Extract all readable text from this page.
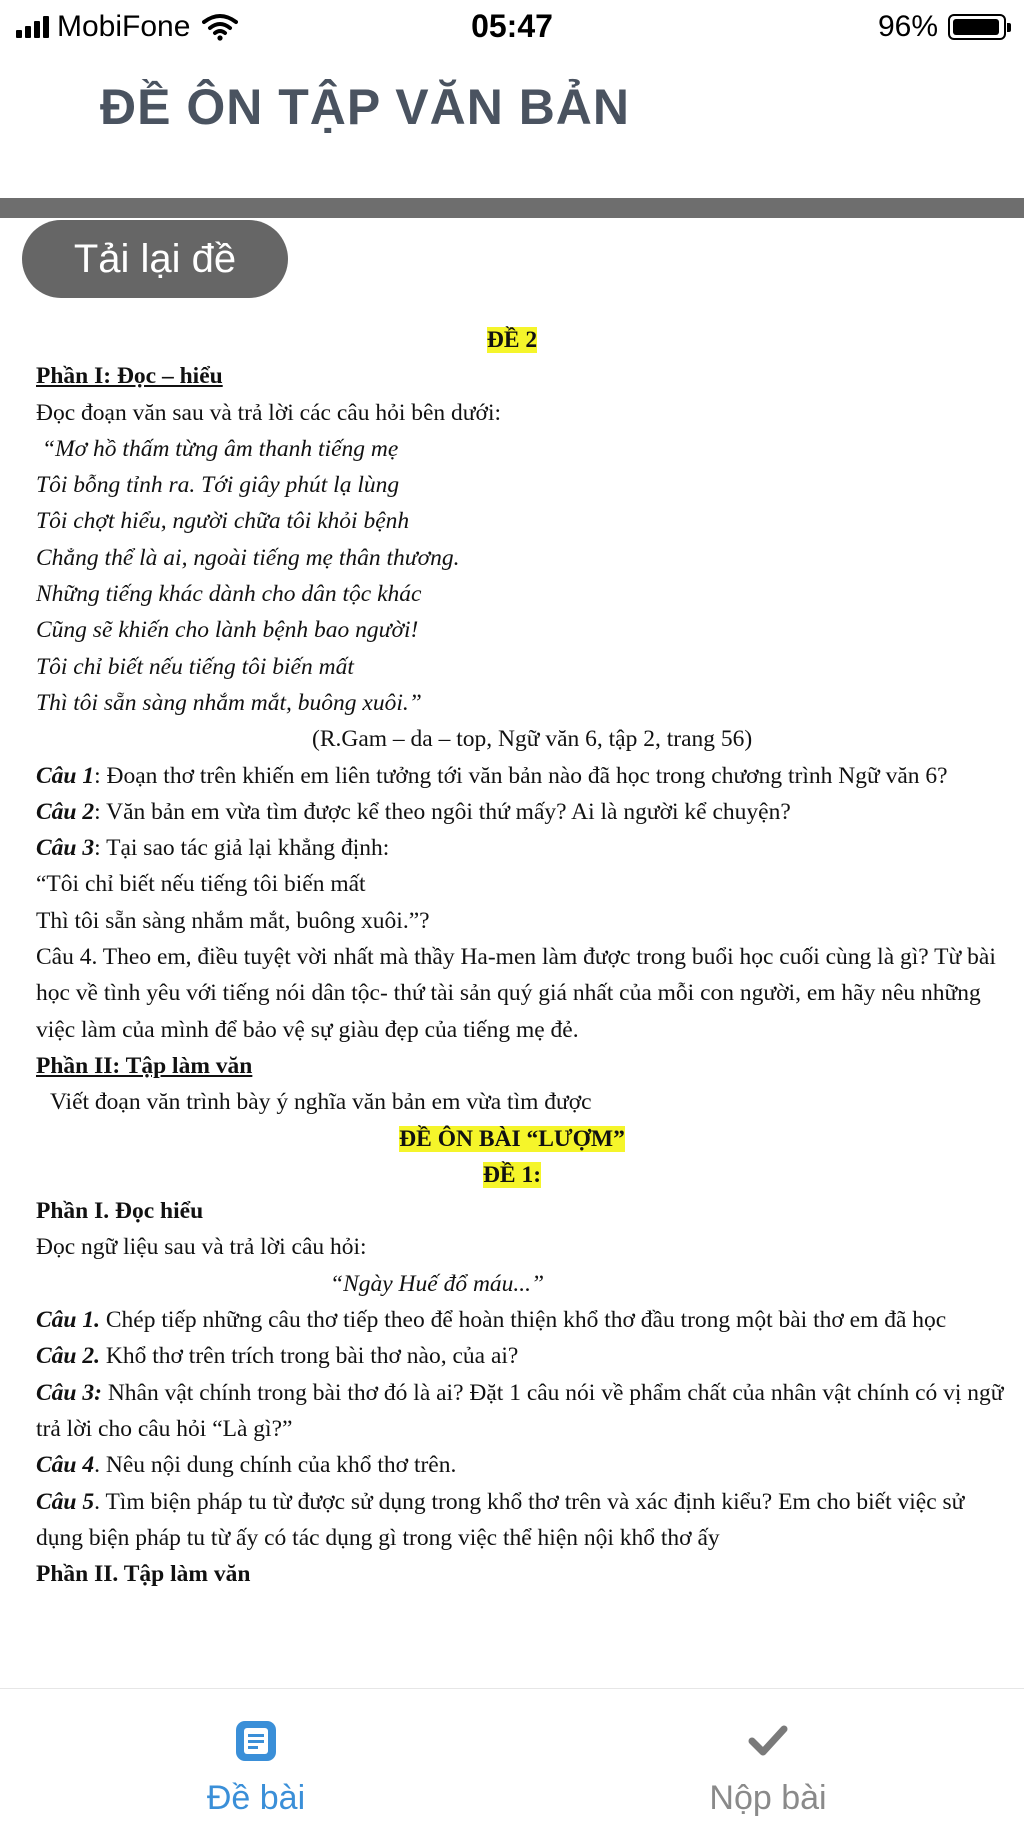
MobiFone	05:47	96%
ĐỀ ÔN TẬP VĂN BẢN
Tải lại đề

ĐỀ 2

Phần I: Đọc – hiểu

Đọc đoạn văn sau và trả lời các câu hỏi bên dưới:

“Mơ hồ thấm từng âm thanh tiếng mẹ

Tôi bỗng tỉnh ra. Tới giây phút lạ lùng

Tôi chợt hiểu, người chữa tôi khỏi bệnh

Chẳng thể là ai, ngoài tiếng mẹ thân thương.

Những tiếng khác dành cho dân tộc khác

Cũng sẽ khiến cho lành bệnh bao người!

Tôi chỉ biết nếu tiếng tôi biến mất

Thì tôi sẵn sàng nhắm mắt, buông xuôi.”

(R.Gam – da – top, Ngữ văn 6, tập 2, trang 56)

Câu 1: Đoạn thơ trên khiến em liên tưởng tới văn bản nào đã học trong chương trình Ngữ văn 6?

Câu 2: Văn bản em vừa tìm được kể theo ngôi thứ mấy? Ai là người kể chuyện?

Câu 3: Tại sao tác giả lại khẳng định:

“Tôi chỉ biết nếu tiếng tôi biến mất

Thì tôi sẵn sàng nhắm mắt, buông xuôi.”?

Câu 4. Theo em, điều tuyệt vời nhất mà thầy Ha-men làm được trong buổi học cuối cùng là gì? Từ bài học về tình yêu với tiếng nói dân tộc- thứ tài sản quý giá nhất của mỗi con người, em hãy nêu những việc làm của mình để bảo vệ sự giàu đẹp của tiếng mẹ đẻ.

Phần II: Tập làm văn

Viết đoạn văn trình bày ý nghĩa văn bản em vừa tìm được

ĐỀ ÔN BÀI “LƯỢM”

ĐỀ 1:

Phần I. Đọc hiểu

Đọc ngữ liệu sau và trả lời câu hỏi:

“Ngày Huế đổ máu...”

Câu 1. Chép tiếp những câu thơ tiếp theo để hoàn thiện khổ thơ đầu trong một bài thơ em đã học

Câu 2. Khổ thơ trên trích trong bài thơ nào, của ai?

Câu 3: Nhân vật chính trong bài thơ đó là ai? Đặt 1 câu nói về phẩm chất của nhân vật chính có vị ngữ trả lời cho câu hỏi “Là gì?”

Câu 4. Nêu nội dung chính của khổ thơ trên.

Câu 5. Tìm biện pháp tu từ được sử dụng trong khổ thơ trên và xác định kiểu? Em cho biết việc sử dụng biện pháp tu từ ấy có tác dụng gì trong việc thể hiện nội khổ thơ ấy

Phần II. Tập làm văn

Đề bài	Nộp bài
